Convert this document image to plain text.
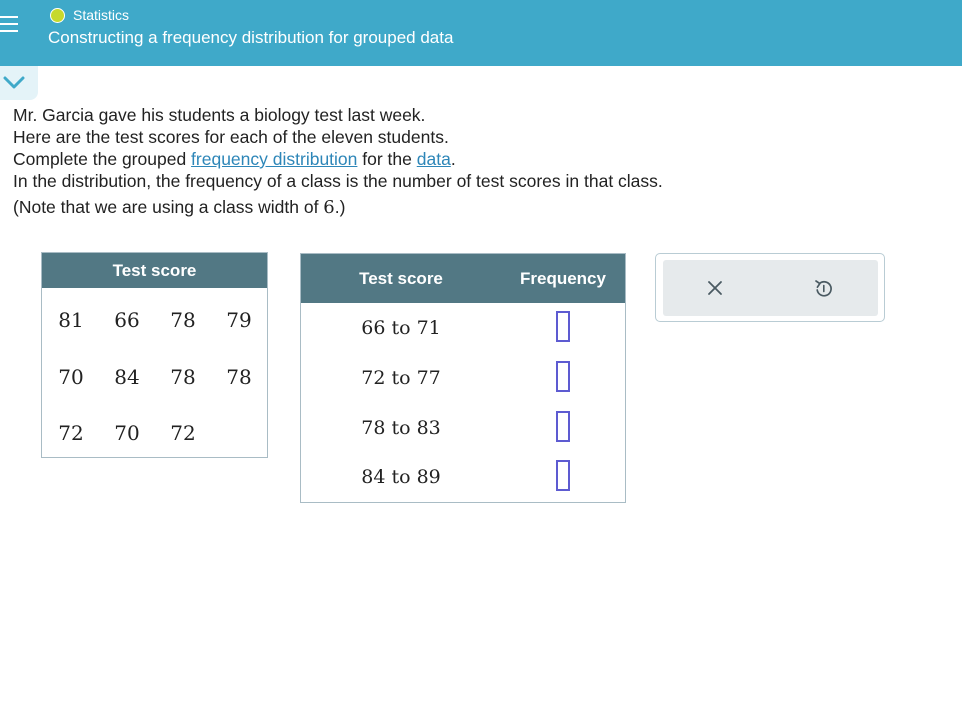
Statistics
Constructing a frequency distribution for grouped data
Mr. Garcia gave his students a biology test last week.
Here are the test scores for each of the eleven students.
Complete the grouped frequency distribution for the data.
In the distribution, the frequency of a class is the number of test scores in that class.
(Note that we are using a class width of 6.)
Test score
81	66	78	79
70	84	78	78
72	70	72
Test score	Frequency
66 to 71
72 to 77
78 to 83
84 to 89
